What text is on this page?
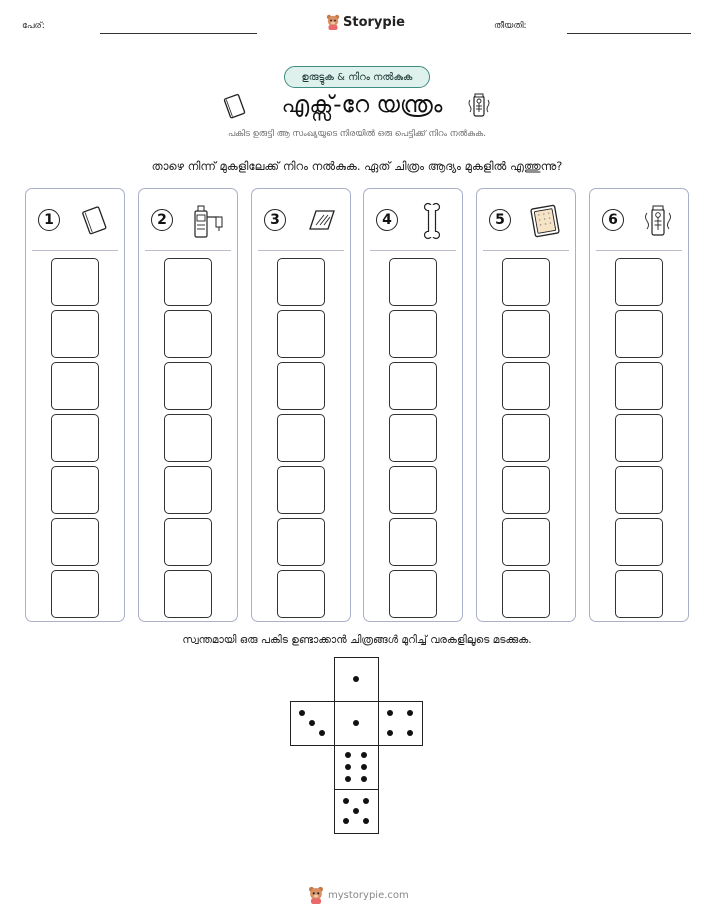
പേര്:	Storypie	തീയതി:
ഉരുട്ടുക & നിറം നൽകുക
എക്സ്-റേ യന്ത്രം
പകിട ഉരുട്ടി ആ സംഖ്യയുടെ നിരയിൽ ഒരു പെട്ടിക്ക് നിറം നൽകുക.
താഴെ നിന്ന് മുകളിലേക്ക് നിറം നൽകുക. ഏത് ചിത്രം ആദ്യം മുകളിൽ എത്തുന്നു?
1	2	3	4	5	6
സ്വന്തമായി ഒരു പകിട ഉണ്ടാക്കാൻ ചിത്രങ്ങൾ മുറിച്ച് വരകളിലൂടെ മടക്കുക.
mystorypie.com
